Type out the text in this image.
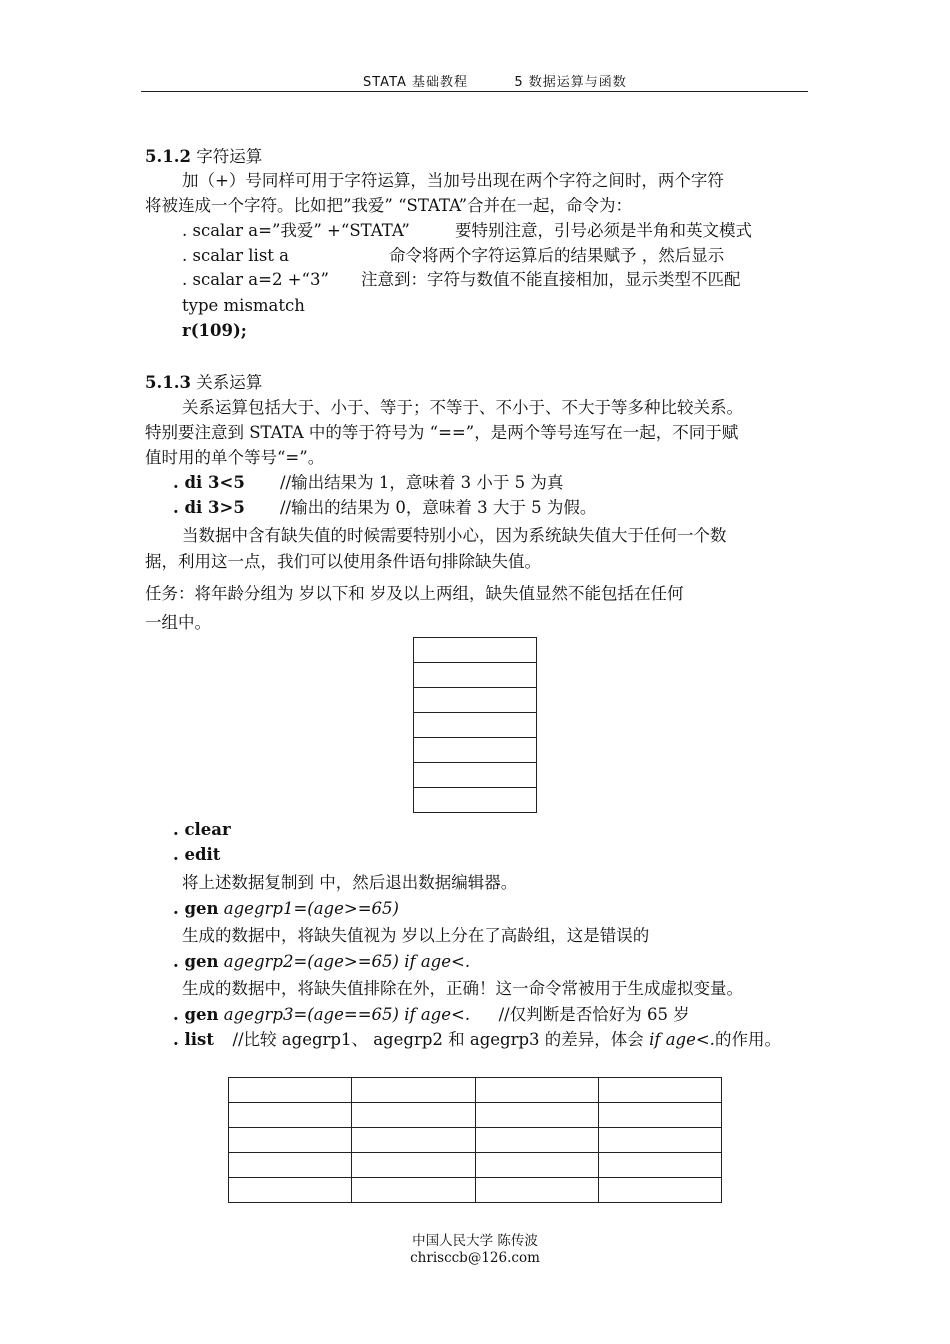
STATA 基础教程	5 数据运算与函数
5.1.2 字符运算
加（+）号同样可用于字符运算，当加号出现在两个字符之间时，两个字符
将被连成一个字符。比如把”我爱” “STATA”合并在一起，命令为：
. scalar a=”我爱” +“STATA”	要特别注意，引号必须是半角和英文模式
. scalar list a	命令将两个字符运算后的结果赋予 ，然后显示
. scalar a=2 +“3” 注意到：字符与数值不能直接相加，显示类型不匹配
type mismatch
r(109);
5.1.3 关系运算
关系运算包括大于、小于、等于；不等于、不小于、不大于等多种比较关系。
特别要注意到 STATA 中的等于符号为 “==”，是两个等号连写在一起，不同于赋
值时用的单个等号“=”。
. di 3<5 //输出结果为 1，意味着 3 小于 5 为真
. di 3>5 //输出的结果为 0，意味着 3 大于 5 为假。
当数据中含有缺失值的时候需要特别小心，因为系统缺失值大于任何一个数
据，利用这一点，我们可以使用条件语句排除缺失值。
任务：将年龄分组为 岁以下和 岁及以上两组，缺失值显然不能包括在任何
一组中。

. clear
. edit
将上述数据复制到 中，然后退出数据编辑器。
. gen agegrp1=(age>=65)
生成的数据中，将缺失值视为 岁以上分在了高龄组，这是错误的
. gen agegrp2=(age>=65) if age<.
生成的数据中，将缺失值排除在外，正确！这一命令常被用于生成虚拟变量。
. gen agegrp3=(age==65) if age<. //仅判断是否恰好为 65 岁
. list //比较 agegrp1、 agegrp2 和 agegrp3 的差异，体会 if age<.的作用。

中国人民大学 陈传波
chriscc​b@126.com
